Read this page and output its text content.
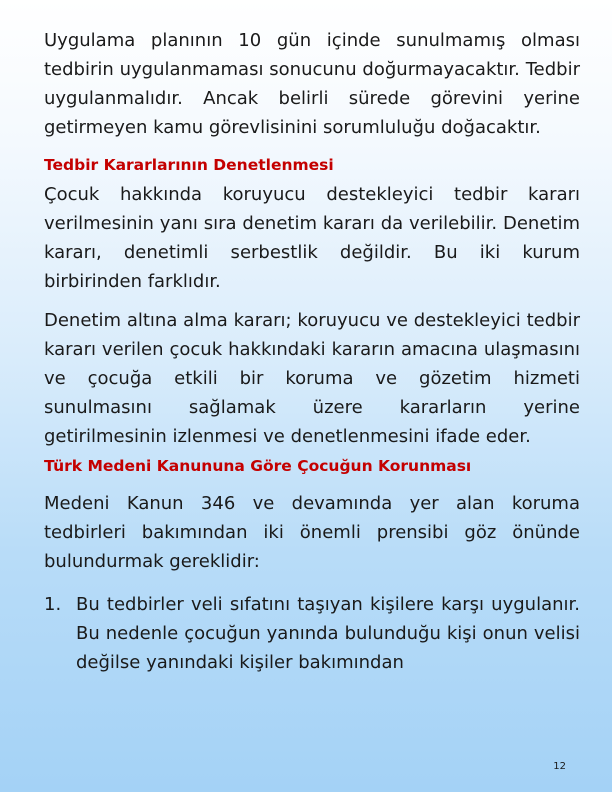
Uygulama planının 10 gün içinde sunulmamış olması tedbirin uygulanmaması sonucunu doğurmayacaktır. Tedbir uygulanmalıdır. Ancak belirli sürede görevini yerine getirmeyen kamu görevlisinini sorumluluğu doğacaktır.

Tedbir Kararlarının Denetlenmesi

Çocuk hakkında koruyucu destekleyici tedbir kararı verilmesinin yanı sıra denetim kararı da verilebilir. Denetim kararı, denetimli serbestlik değildir. Bu iki kurum birbirinden farklıdır.

Denetim altına alma kararı; koruyucu ve destekleyici tedbir kararı verilen çocuk hakkındaki kararın amacına ulaşmasını ve çocuğa etkili bir koruma ve gözetim hizmeti sunulmasını sağlamak üzere kararların yerine getirilmesinin izlenmesi ve denetlenmesini ifade eder.

Türk Medeni Kanununa Göre Çocuğun Korunması

Medeni Kanun 346 ve devamında yer alan koruma tedbirleri bakımından iki önemli prensibi göz önünde bulundurmak gereklidir:

1. Bu tedbirler veli sıfatını taşıyan kişilere karşı uygulanır. Bu nedenle çocuğun yanında bulunduğu kişi onun velisi değilse yanındaki kişiler bakımından
12
